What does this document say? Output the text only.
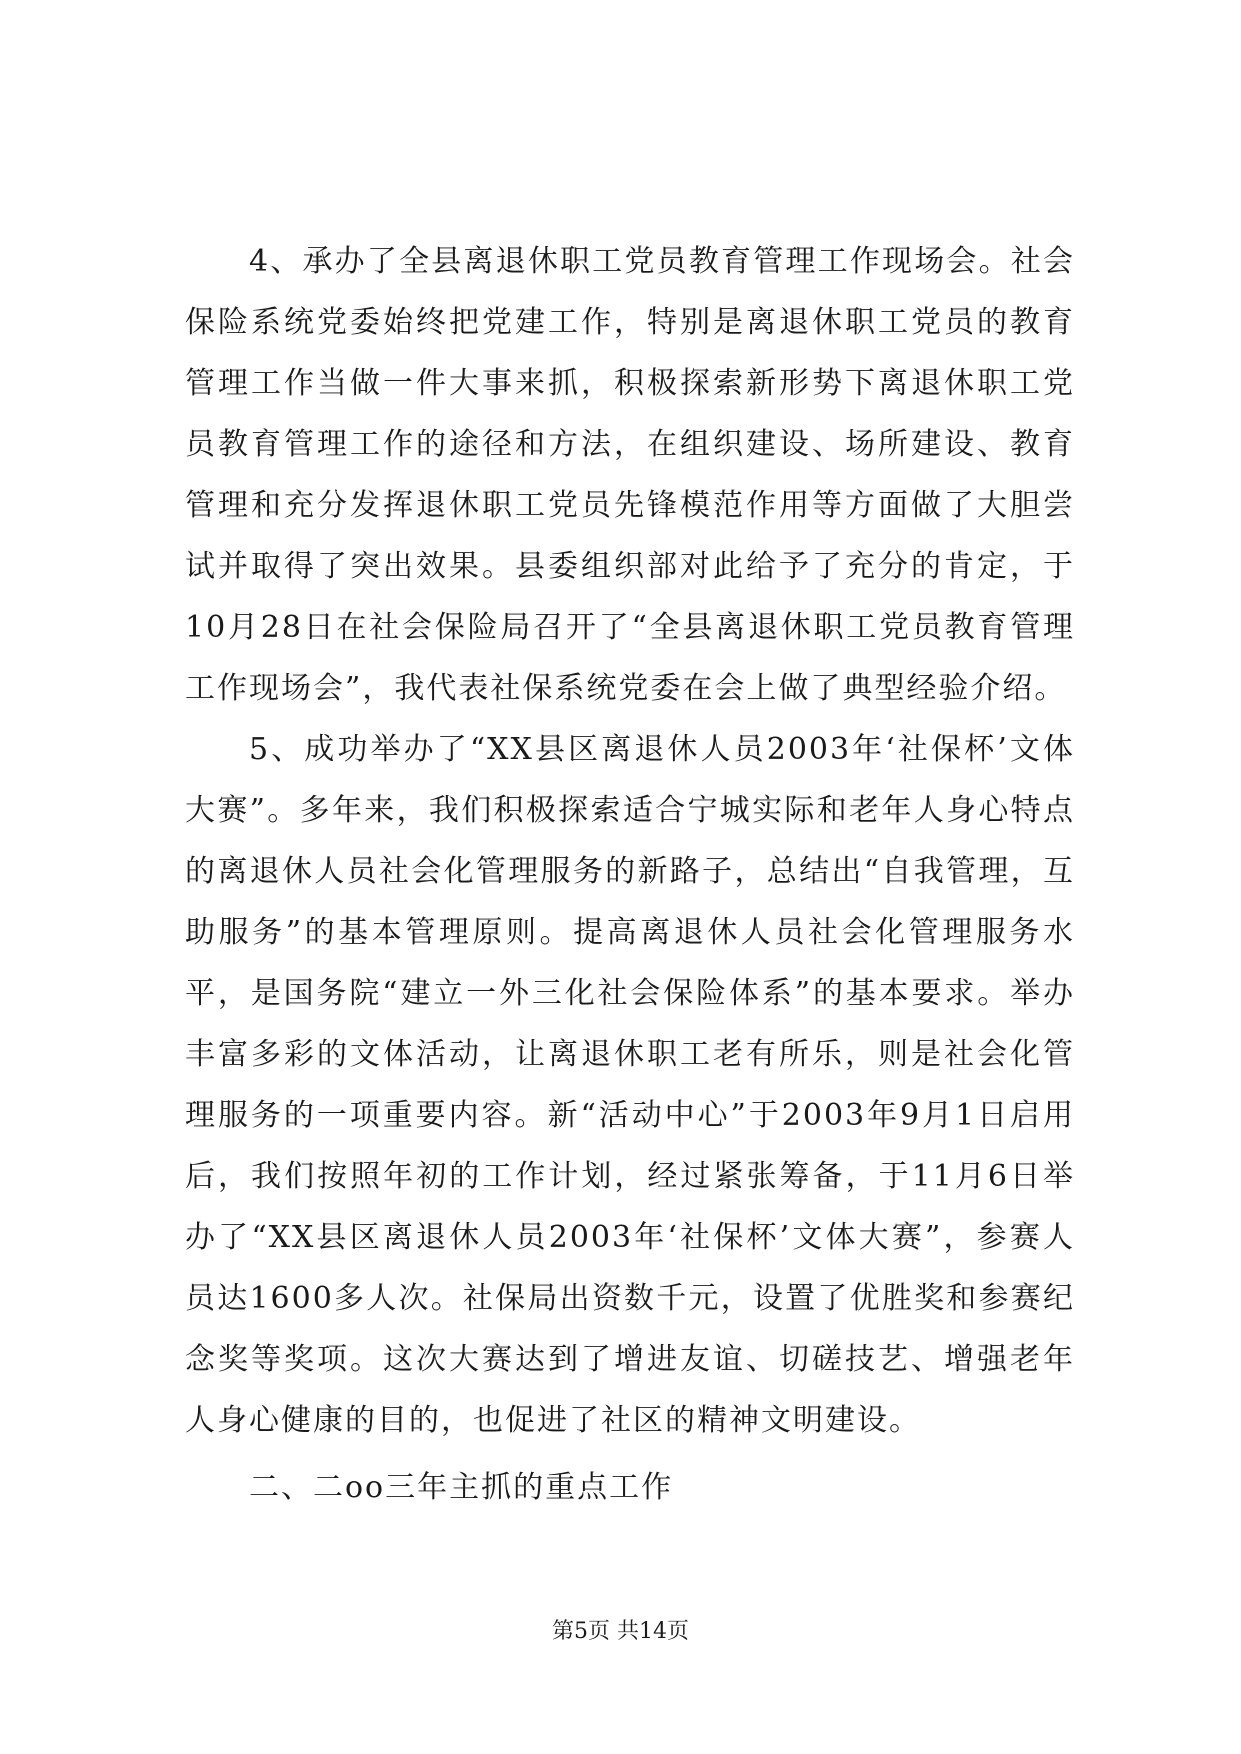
4、承办了全县离退休职工党员教育管理工作现场会。社会保险系统党委始终把党建工作，特别是离退休职工党员的教育管理工作当做一件大事来抓，积极探索新形势下离退休职工党员教育管理工作的途径和方法，在组织建设、场所建设、教育管理和充分发挥退休职工党员先锋模范作用等方面做了大胆尝试并取得了突出效果。县委组织部对此给予了充分的肯定，于10月28日在社会保险局召开了“全县离退休职工党员教育管理工作现场会”，我代表社保系统党委在会上做了典型经验介绍。

5、成功举办了“XX县区离退休人员2003年‘社保杯’文体大赛”。多年来，我们积极探索适合宁城实际和老年人身心特点的离退休人员社会化管理服务的新路子，总结出“自我管理，互助服务”的基本管理原则。提高离退休人员社会化管理服务水平，是国务院“建立一外三化社会保险体系”的基本要求。举办丰富多彩的文体活动，让离退休职工老有所乐，则是社会化管理服务的一项重要内容。新“活动中心”于2003年9月1日启用后，我们按照年初的工作计划，经过紧张筹备，于11月6日举办了“XX县区离退休人员2003年‘社保杯’文体大赛”，参赛人员达1600多人次。社保局出资数千元，设置了优胜奖和参赛纪念奖等奖项。这次大赛达到了增进友谊、切磋技艺、增强老年人身心健康的目的，也促进了社区的精神文明建设。

二、二oo三年主抓的重点工作

第5页 共14页
